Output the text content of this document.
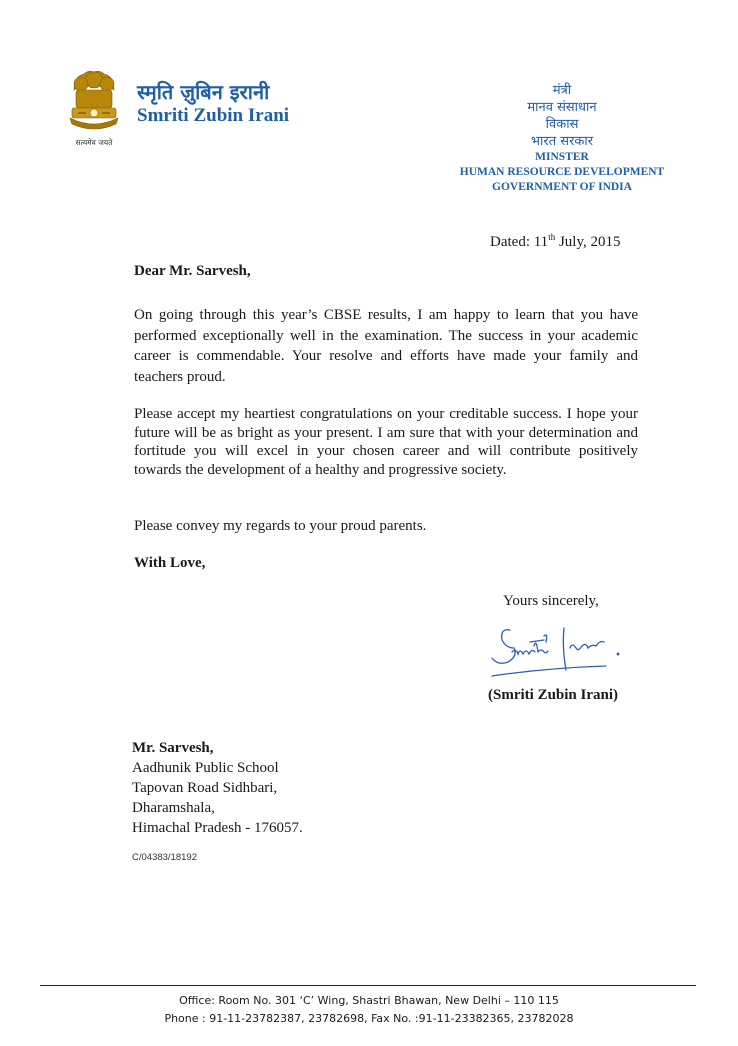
सत्यमेव जयते
स्मृति ज़ुबिन इरानी
Smriti Zubin Irani
मंत्री
मानव संसाधान
विकास
भारत सरकार
MINSTER
HUMAN RESOURCE DEVELOPMENT
GOVERNMENT OF INDIA
Dated: 11th July, 2015
Dear Mr. Sarvesh,
On going through this year’s CBSE results, I am happy to learn that you have performed exceptionally well in the examination. The success in your academic career is commendable. Your resolve and efforts have made your family and teachers proud.
Please accept my heartiest congratulations on your creditable success. I hope your future will be as bright as your present. I am sure that with your determination and fortitude you will excel in your chosen career and will contribute positively towards the development of a healthy and progressive society.
Please convey my regards to your proud parents.
With Love,
Yours sincerely,
(Smriti Zubin Irani)
Mr. Sarvesh,
Aadhunik Public School
Tapovan Road Sidhbari,
Dharamshala,
Himachal Pradesh - 176057.
C/04383/18192
Office: Room No. 301 ‘C’ Wing, Shastri Bhawan, New Delhi – 110 115
Phone : 91-11-23782387, 23782698, Fax No. :91-11-23382365, 23782028
